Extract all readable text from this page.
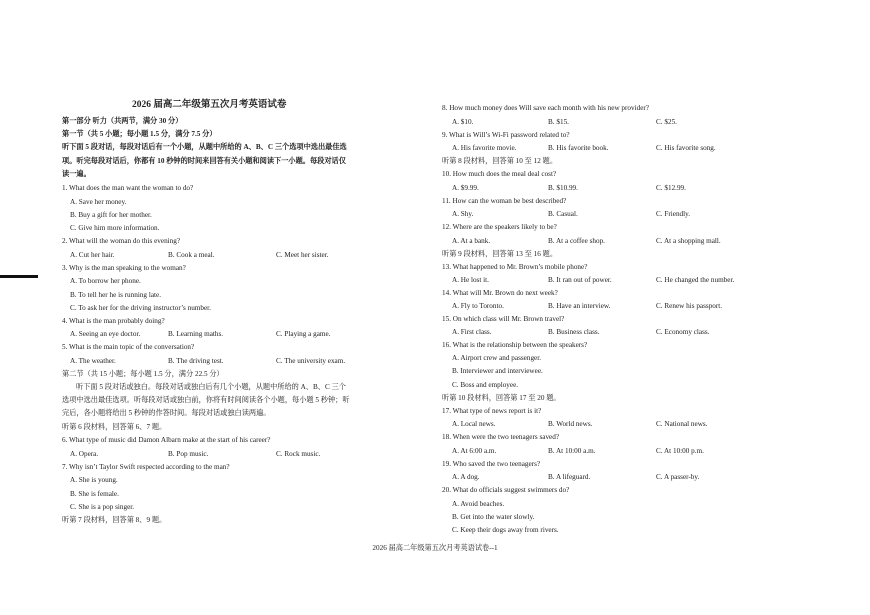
2026 届高二年级第五次月考英语试卷
第一部分 听力（共两节，满分 30 分）
第一节（共 5 小题；每小题 1.5 分，满分 7.5 分）
听下面 5 段对话，每段对话后有一个小题，从题中所给的 A、B、C 三个选项中选出最佳选
项。听完每段对话后，你都有 10 秒钟的时间来回答有关小题和阅读下一小题。每段对话仅
读一遍。
1. What does the man want the woman to do?
A. Save her money.
B. Buy a gift for her mother.
C. Give him more information.
2. What will the woman do this evening?
A. Cut her hair.	B. Cook a meal.	C. Meet her sister.
3. Why is the man speaking to the woman?
A. To borrow her phone.
B. To tell her he is running late.
C. To ask her for the driving instructor’s number.
4. What is the man probably doing?
A. Seeing an eye doctor.	B. Learning maths.	C. Playing a game.
5. What is the main topic of the conversation?
A. The weather.	B. The driving test.	C. The university exam.
第二节（共 15 小题；每小题 1.5 分，满分 22.5 分）
听下面 5 段对话或独白。每段对话或独白后有几个小题，从题中所给的 A、B、C 三个
选项中选出最佳选项。听每段对话或独白前，你将有时间阅读各个小题，每小题 5 秒钟；听
完后，各小题将给出 5 秒钟的作答时间。每段对话或独白读两遍。
听第 6 段材料，回答第 6、7 题。
6. What type of music did Damon Albarn make at the start of his career?
A. Opera.	B. Pop music.	C. Rock music.
7. Why isn’t Taylor Swift respected according to the man?
A. She is young.
B. She is female.
C. She is a pop singer.
听第 7 段材料，回答第 8、9 题。
8. How much money does Will save each month with his new provider?
A. $10.	B. $15.	C. $25.
9. What is Will’s Wi-Fi password related to?
A. His favorite movie.	B. His favorite book.	C. His favorite song.
听第 8 段材料，回答第 10 至 12 题。
10. How much does the meal deal cost?
A. $9.99.	B. $10.99.	C. $12.99.
11. How can the woman be best described?
A. Shy.	B. Casual.	C. Friendly.
12. Where are the speakers likely to be?
A. At a bank.	B. At a coffee shop.	C. At a shopping mall.
听第 9 段材料，回答第 13 至 16 题。
13. What happened to Mr. Brown’s mobile phone?
A. He lost it.	B. It ran out of power.	C. He changed the number.
14. What will Mr. Brown do next week?
A. Fly to Toronto.	B. Have an interview.	C. Renew his passport.
15. On which class will Mr. Brown travel?
A. First class.	B. Business class.	C. Economy class.
16. What is the relationship between the speakers?
A. Airport crew and passenger.
B. Interviewer and interviewee.
C. Boss and employee.
听第 10 段材料，回答第 17 至 20 题。
17. What type of news report is it?
A. Local news.	B. World news.	C. National news.
18. When were the two teenagers saved?
A. At 6:00 a.m.	B. At 10:00 a.m.	C. At 10:00 p.m.
19. Who saved the two teenagers?
A. A dog.	B. A lifeguard.	C. A passer-by.
20. What do officials suggest swimmers do?
A. Avoid beaches.
B. Get into the water slowly.
C. Keep their dogs away from rivers.
2026 届高二年级第五次月考英语试卷--1
